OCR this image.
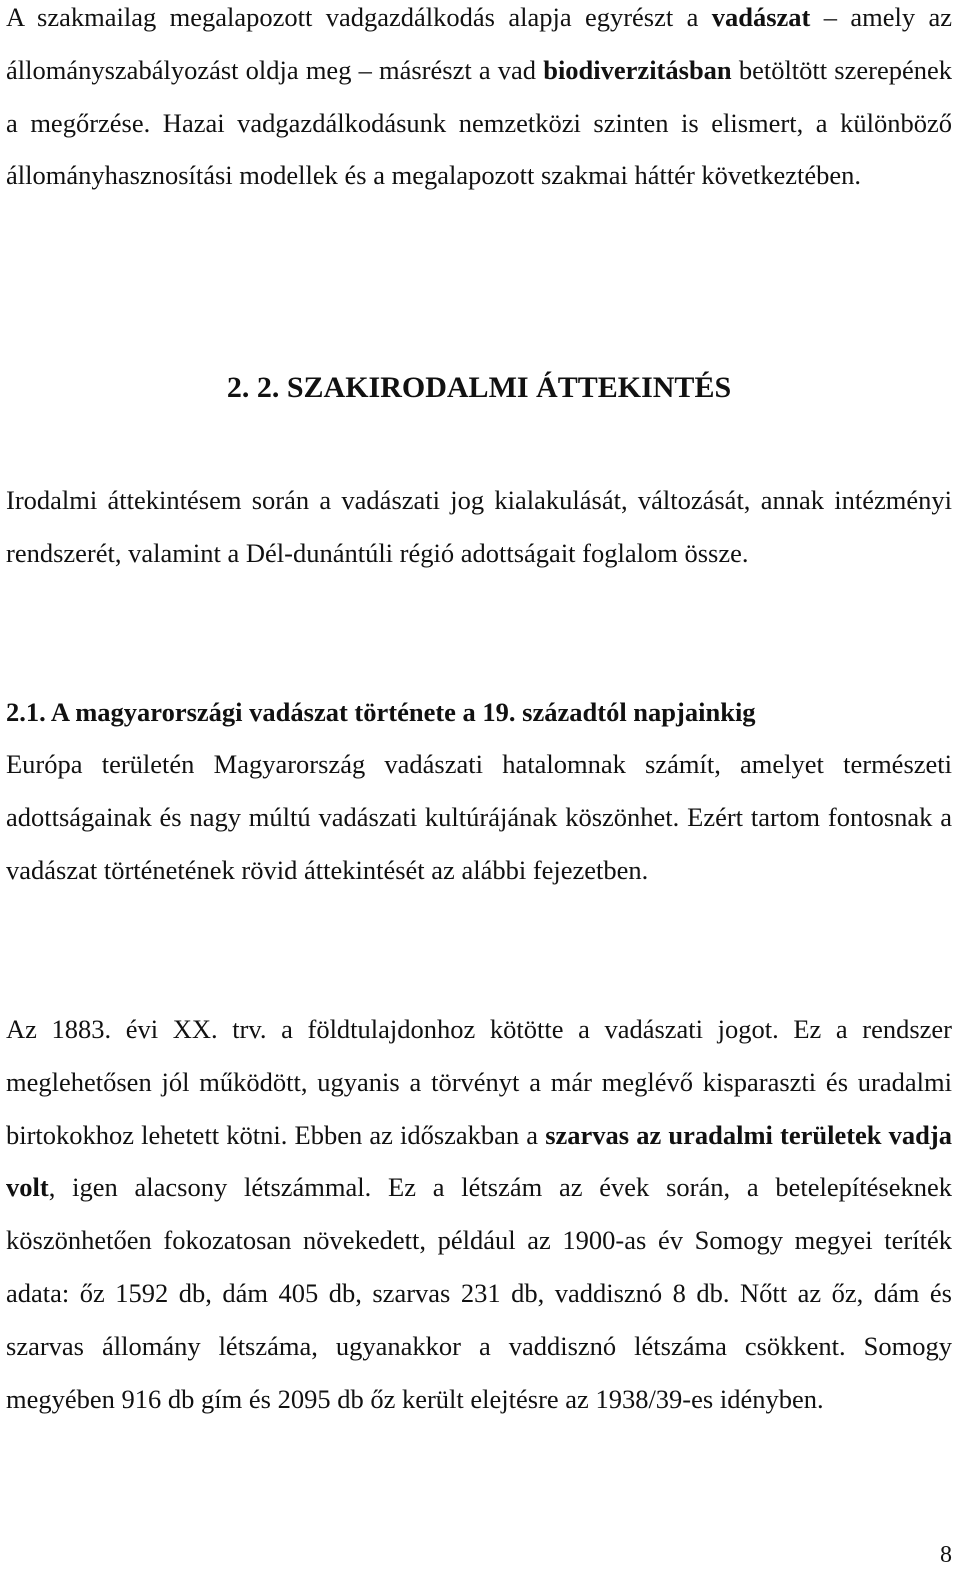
A szakmailag megalapozott vadgazdálkodás alapja egyrészt a vadászat – amely az állományszabályozást oldja meg – másrészt a vad biodiverzitásban betöltött szerepének a megőrzése. Hazai vadgazdálkodásunk nemzetközi szinten is elismert, a különböző állományhasznosítási modellek és a megalapozott szakmai háttér következtében.

2. 2. SZAKIRODALMI ÁTTEKINTÉS

Irodalmi áttekintésem során a vadászati jog kialakulását, változását, annak intézményi rendszerét, valamint a Dél-dunántúli régió adottságait foglalom össze.

2.1. A magyarországi vadászat története a 19. századtól napjainkig

Európa területén Magyarország vadászati hatalomnak számít, amelyet természeti adottságainak és nagy múltú vadászati kultúrájának köszönhet. Ezért tartom fontosnak a vadászat történetének rövid áttekintését az alábbi fejezetben.

Az 1883. évi XX. trv. a földtulajdonhoz kötötte a vadászati jogot. Ez a rendszer meglehetősen jól működött, ugyanis a törvényt a már meglévő kisparaszti és uradalmi birtokokhoz lehetett kötni. Ebben az időszakban a szarvas az uradalmi területek vadja volt, igen alacsony létszámmal. Ez a létszám az évek során, a betelepítéseknek köszönhetően fokozatosan növekedett, például az 1900-as év Somogy megyei teríték adata: őz 1592 db, dám 405 db, szarvas 231 db, vaddisznó 8 db. Nőtt az őz, dám és szarvas állomány létszáma, ugyanakkor a vaddisznó létszáma csökkent. Somogy megyében 916 db gím és 2095 db őz került elejtésre az 1938/39-es idényben.

8
